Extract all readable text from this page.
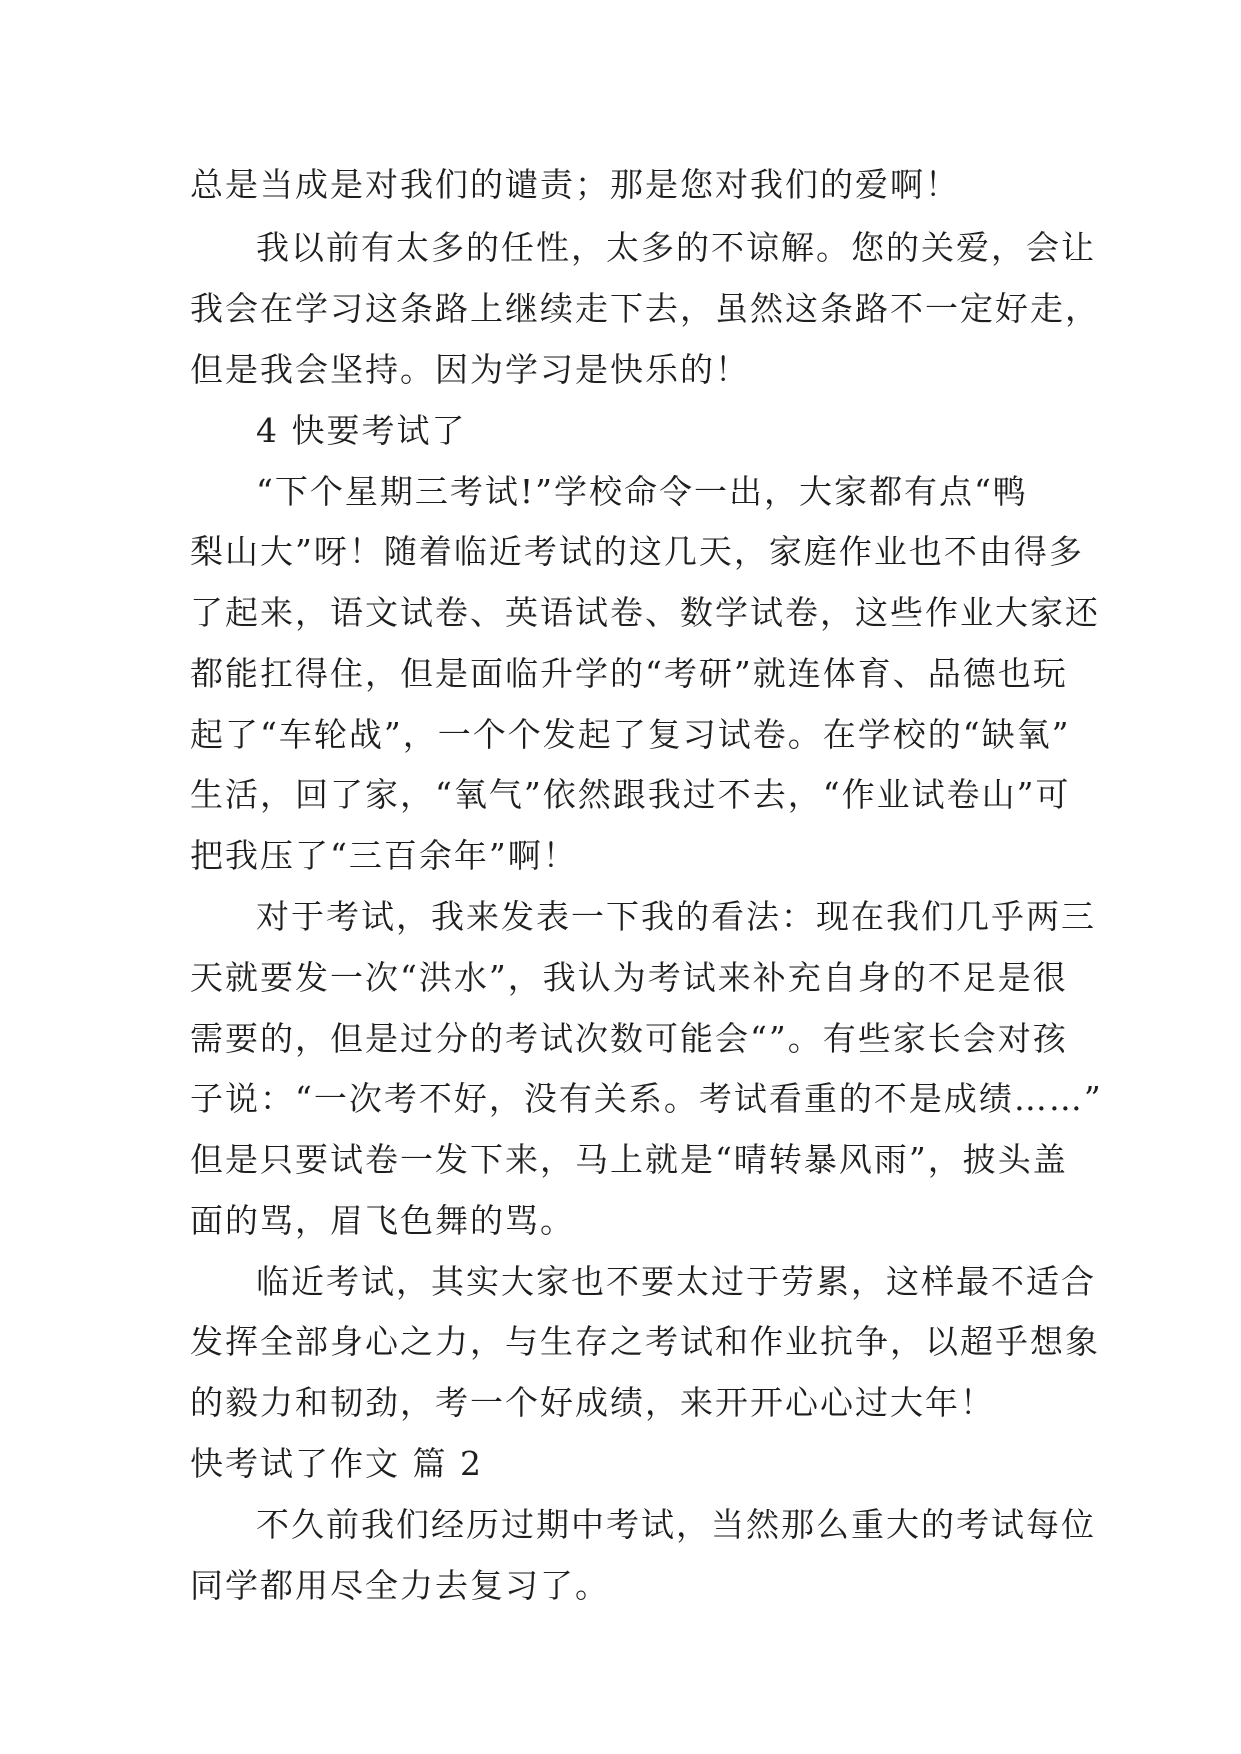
总是当成是对我们的谴责；那是您对我们的爱啊！
我以前有太多的任性，太多的不谅解。您的关爱，会让
我会在学习这条路上继续走下去，虽然这条路不一定好走，
但是我会坚持。因为学习是快乐的！
4 快要考试了
“下个星期三考试!”学校命令一出，大家都有点“鸭
梨山大”呀！随着临近考试的这几天，家庭作业也不由得多
了起来，语文试卷、英语试卷、数学试卷，这些作业大家还
都能扛得住，但是面临升学的“考研”就连体育、品德也玩
起了“车轮战”，一个个发起了复习试卷。在学校的“缺氧”
生活，回了家，“氧气”依然跟我过不去，“作业试卷山”可
把我压了“三百余年”啊！
对于考试，我来发表一下我的看法：现在我们几乎两三
天就要发一次“洪水”，我认为考试来补充自身的不足是很
需要的，但是过分的考试次数可能会“”。有些家长会对孩
子说：“一次考不好，没有关系。考试看重的不是成绩……”
但是只要试卷一发下来，马上就是“晴转暴风雨”，披头盖
面的骂，眉飞色舞的骂。
临近考试，其实大家也不要太过于劳累，这样最不适合
发挥全部身心之力，与生存之考试和作业抗争，以超乎想象
的毅力和韧劲，考一个好成绩，来开开心心过大年！
快考试了作文 篇 2
不久前我们经历过期中考试，当然那么重大的考试每位
同学都用尽全力去复习了。
